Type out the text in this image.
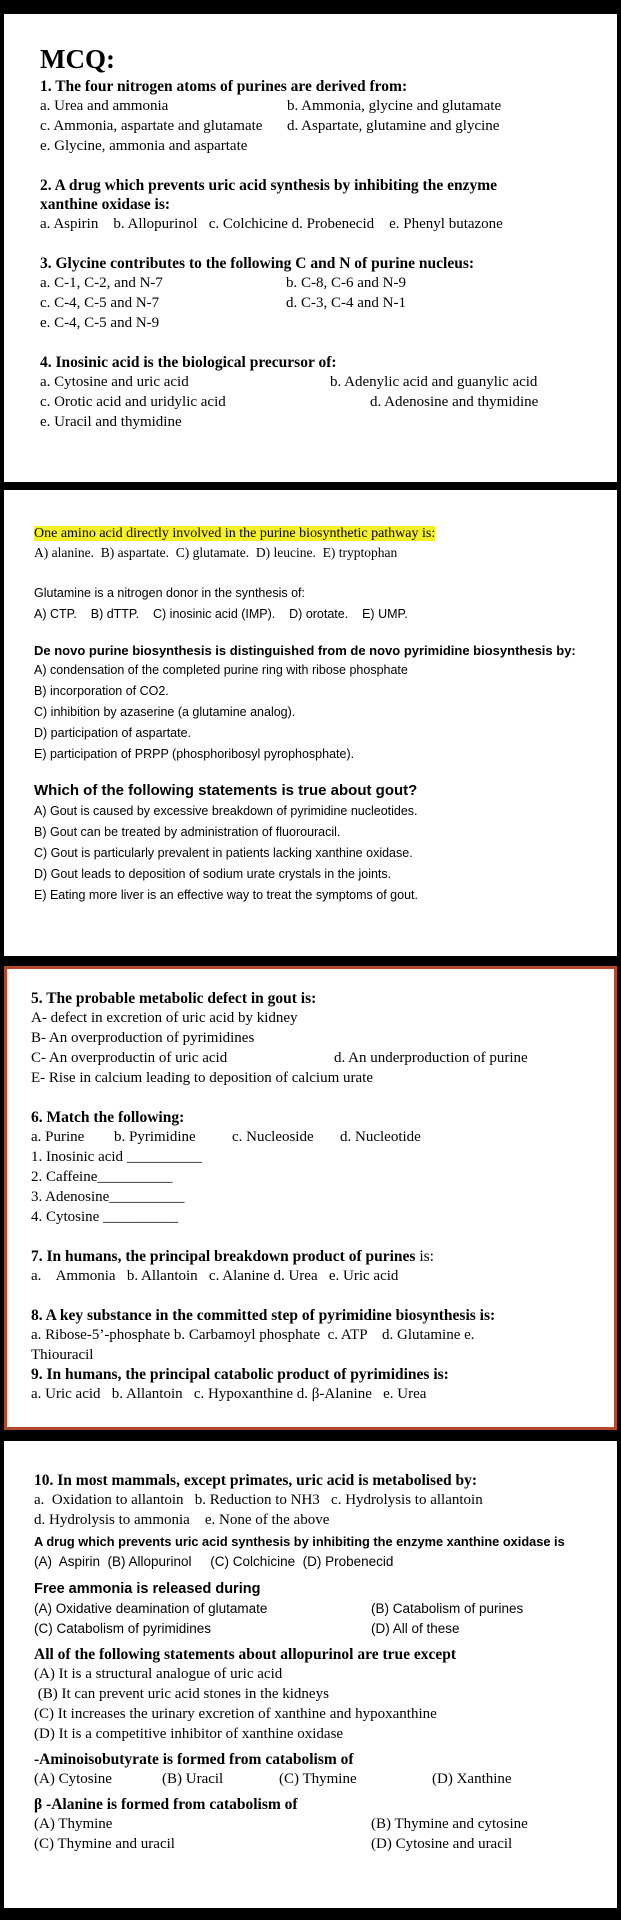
MCQ:
1. The four nitrogen atoms of purines are derived from:
a. Urea and ammonia	b. Ammonia, glycine and glutamate
c. Ammonia, aspartate and glutamate	d. Aspartate, glutamine and glycine
e. Glycine, ammonia and aspartate
2. A drug which prevents uric acid synthesis by inhibiting the enzyme
xanthine oxidase is:
a. Aspirin    b. Allopurinol   c. Colchicine d. Probenecid    e. Phenyl butazone
3. Glycine contributes to the following C and N of purine nucleus:
a. C-1, C-2, and N-7	b. C-8, C-6 and N-9
c. C-4, C-5 and N-7	d. C-3, C-4 and N-1
e. C-4, C-5 and N-9
4. Inosinic acid is the biological precursor of:
a. Cytosine and uric acid	b. Adenylic acid and guanylic acid
c. Orotic acid and uridylic acid	d. Adenosine and thymidine
e. Uracil and thymidine
One amino acid directly involved in the purine biosynthetic pathway is:
A) alanine.  B) aspartate.  C) glutamate.  D) leucine.  E) tryptophan
Glutamine is a nitrogen donor in the synthesis of:
A) CTP.    B) dTTP.    C) inosinic acid (IMP).    D) orotate.    E) UMP.
De novo purine biosynthesis is distinguished from de novo pyrimidine biosynthesis by:
A) condensation of the completed purine ring with ribose phosphate
B) incorporation of CO2.
C) inhibition by azaserine (a glutamine analog).
D) participation of aspartate.
E) participation of PRPP (phosphoribosyl pyrophosphate).
Which of the following statements is true about gout?
A) Gout is caused by excessive breakdown of pyrimidine nucleotides.
B) Gout can be treated by administration of fluorouracil.
C) Gout is particularly prevalent in patients lacking xanthine oxidase.
D) Gout leads to deposition of sodium urate crystals in the joints.
E) Eating more liver is an effective way to treat the symptoms of gout.
5. The probable metabolic defect in gout is:
A- defect in excretion of uric acid by kidney
B- An overproduction of pyrimidines
C- An overproductin of uric acid	d. An underproduction of purine
E- Rise in calcium leading to deposition of calcium urate
6. Match the following:
a. Purine	b. Pyrimidine	c. Nucleoside	d. Nucleotide
1. Inosinic acid __________
2. Caffeine__________
3. Adenosine__________
4. Cytosine __________
7. In humans, the principal breakdown product of purines is:
a.    Ammonia   b. Allantoin   c. Alanine d. Urea   e. Uric acid
8. A key substance in the committed step of pyrimidine biosynthesis is:
a. Ribose-5’-phosphate b. Carbamoyl phosphate  c. ATP    d. Glutamine e.
Thiouracil
9. In humans, the principal catabolic product of pyrimidines is:
a. Uric acid   b. Allantoin   c. Hypoxanthine d. β-Alanine   e. Urea
10. In most mammals, except primates, uric acid is metabolised by:
a.  Oxidation to allantoin   b. Reduction to NH3   c. Hydrolysis to allantoin
d. Hydrolysis to ammonia    e. None of the above
A drug which prevents uric acid synthesis by inhibiting the enzyme xanthine oxidase is
(A)  Aspirin  (B) Allopurinol     (C) Colchicine  (D) Probenecid
Free ammonia is released during
(A) Oxidative deamination of glutamate	(B) Catabolism of purines
(C) Catabolism of pyrimidines	(D) All of these
All of the following statements about allopurinol are true except
(A) It is a structural analogue of uric acid
(B) It can prevent uric acid stones in the kidneys
(C) It increases the urinary excretion of xanthine and hypoxanthine
(D) It is a competitive inhibitor of xanthine oxidase
-Aminoisobutyrate is formed from catabolism of
(A) Cytosine	(B) Uracil	(C) Thymine	(D) Xanthine
β -Alanine is formed from catabolism of
(A) Thymine	(B) Thymine and cytosine
(C) Thymine and uracil	(D) Cytosine and uracil
